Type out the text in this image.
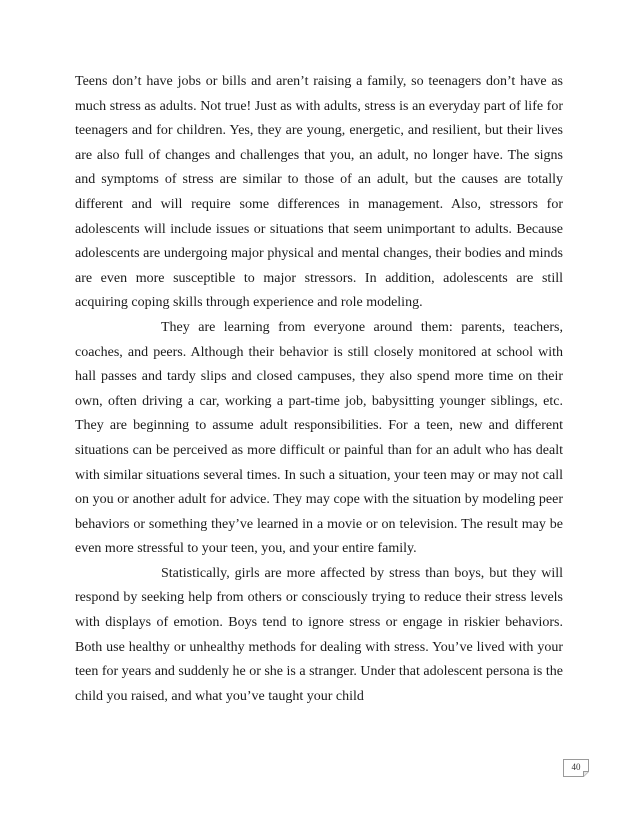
Teens don’t have jobs or bills and aren’t raising a family, so teenagers don’t have as much stress as adults. Not true! Just as with adults, stress is an everyday part of life for teenagers and for children. Yes, they are young, energetic, and resilient, but their lives are also full of changes and challenges that you, an adult, no longer have. The signs and symptoms of stress are similar to those of an adult, but the causes are totally different and will require some differences in management. Also, stressors for adolescents will include issues or situations that seem unimportant to adults. Because adolescents are undergoing major physical and mental changes, their bodies and minds are even more susceptible to major stressors. In addition, adolescents are still acquiring coping skills through experience and role modeling.

They are learning from everyone around them: parents, teachers, coaches, and peers. Although their behavior is still closely monitored at school with hall passes and tardy slips and closed campuses, they also spend more time on their own, often driving a car, working a part-time job, babysitting younger siblings, etc. They are beginning to assume adult responsibilities. For a teen, new and different situations can be perceived as more difficult or painful than for an adult who has dealt with similar situations several times. In such a situation, your teen may or may not call on you or another adult for advice. They may cope with the situation by modeling peer behaviors or something they’ve learned in a movie or on television. The result may be even more stressful to your teen, you, and your entire family.

Statistically, girls are more affected by stress than boys, but they will respond by seeking help from others or consciously trying to reduce their stress levels with displays of emotion. Boys tend to ignore stress or engage in riskier behaviors. Both use healthy or unhealthy methods for dealing with stress. You’ve lived with your teen for years and suddenly he or she is a stranger. Under that adolescent persona is the child you raised, and what you’ve taught your child

40
